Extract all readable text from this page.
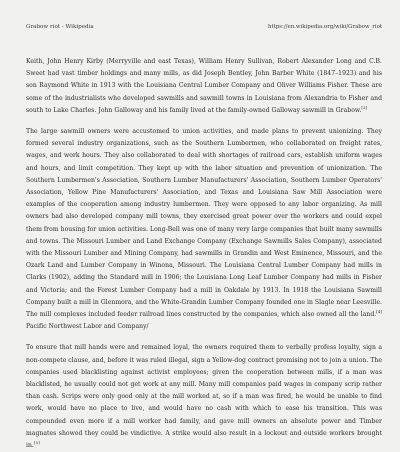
Grabow riot - Wikipedia	https://en.wikipedia.org/wiki/Grabow_riot

Keith, John Henry Kirby (Merryville and east Texas), William Henry Sullivan, Robert Alexander Long and C.B. Sweet had vast timber holdings and many mills, as did Joseph Bentley, John Barber White (1847–1923) and his son Raymond White in 1913 with the Louisiana Central Lumber Company and Oliver Williams Fisher. These are some of the industrialists who developed sawmills and sawmill towns in Louisiana from Alexandria to Fisher and south to Lake Charles. John Galloway and his family lived at the family-owned Galloway sawmill in Grabow.[3]

The large sawmill owners were accustomed to union activities, and made plans to prevent unionizing. They formed several industry organizations, such as the Southern Lumbermen, who collaborated on freight rates, wages, and work hours. They also collaborated to deal with shortages of railroad cars, establish uniform wages and hours, and limit competition. They kept up with the labor situation and prevention of unionization. The Southern Lumbermen's Association, Southern Lumber Manufacturers' Association, Southern Lumber Operators' Association, Yellow Pine Manufacturers' Association, and Texas and Louisiana Saw Mill Association were examples of the cooperation among industry lumbermen. They were opposed to any labor organizing. As mill owners had also developed company mill towns, they exercised great power over the workers and could expel them from housing for union activities. Long-Bell was one of many very large companies that built many sawmills and towns. The Missouri Lumber and Land Exchange Company (Exchange Sawmills Sales Company), associated with the Missouri Lumber and Mining Company, had sawmills in Grandin and West Eminence, Missouri, and the Ozark Land and Lumber Company in Winona, Missouri. The Louisiana Central Lumber Company had mills in Clarks (1902), adding the Standard mill in 1906; the Louisiana Long Leaf Lumber Company had mills in Fisher and Victoria; and the Forest Lumber Company had a mill in Oakdale by 1913. In 1918 the Louisiana Sawmill Company built a mill in Glenmora, and the White-Grandin Lumber Company founded one in Slagle near Leesville. The mill complexes included feeder railroad lines constructed by the companies, which also owned all the land.[4] Pacific Northwest Labor and Company/

To ensure that mill hands were and remained loyal, the owners required them to verbally profess loyalty, sign a non-compete clause, and, before it was ruled illegal, sign a Yellow-dog contract promising not to join a union. The companies used blacklisting against activist employees; given the cooperation between mills, if a man was blacklisted, he usually could not get work at any mill. Many mill companies paid wages in company scrip rather than cash. Scrips were only good only at the mill worked at, so if a man was fired, he would be unable to find work, would have no place to live, and would have no cash with which to ease his transition. This was compounded even more if a mill worker had family, and gave mill owners an absolute power and Timber magnates showed they could be vindictive. A strike would also result in a lockout and outside workers brought in.[5]
